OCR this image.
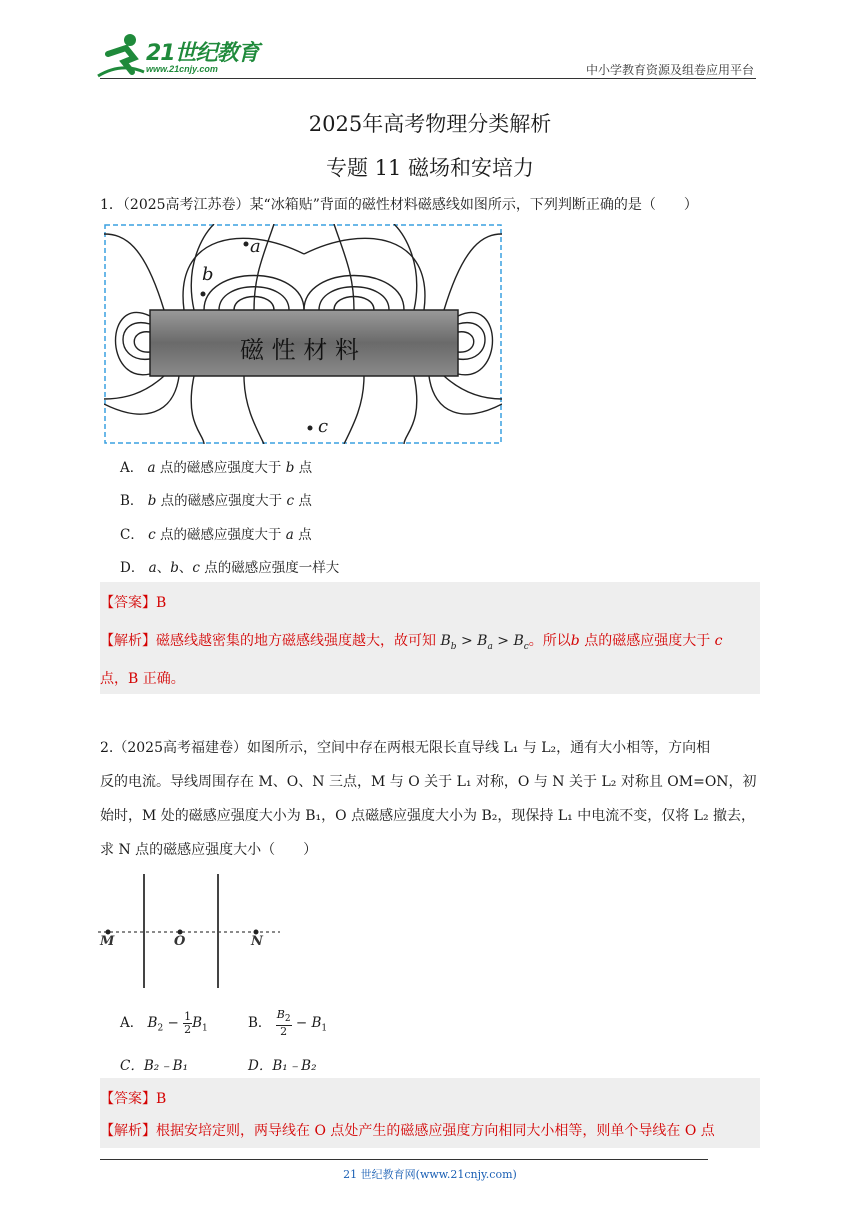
21世纪教育
www.21cnjy.com	中小学教育资源及组卷应用平台
2025年高考物理分类解析
专题 11 磁场和安培力
1．（2025高考江苏卷）某“冰箱贴”背面的磁性材料磁感线如图所示，下列判断正确的是（　　）
磁 性 材 料
a
b
c
A． a 点的磁感应强度大于 b 点
B． b 点的磁感应强度大于 c 点
C． c 点的磁感应强度大于 a 点
D． a、b、c 点的磁感应强度一样大
【答案】B
【解析】磁感线越密集的地方磁感线强度越大，故可知 $B_b > B_a > B_c$。所以b 点的磁感应强度大于 c
点，B 正确。
2.（2025高考福建卷）如图所示，空间中存在两根无限长直导线 L₁ 与 L₂，通有大小相等，方向相
反的电流。导线周围存在 M、O、N 三点，M 与 O 关于 L₁ 对称，O 与 N 关于 L₂ 对称且 OM=ON，初
始时，M 处的磁感应强度大小为 B₁，O 点磁感应强度大小为 B₂，现保持 L₁ 中电流不变，仅将 L₂ 撤去，
求 N 点的磁感应强度大小（　　）
M	O	N
A． $B_2 - \frac{1}{2} B_1$	B． $\frac{B_2}{2} - B_1$
C．B₂﹣B₁	D．B₁﹣B₂
【答案】B
【解析】根据安培定则，两导线在 O 点处产生的磁感应强度方向相同大小相等，则单个导线在 O 点
21 世纪教育网(www.21cnjy.com)
